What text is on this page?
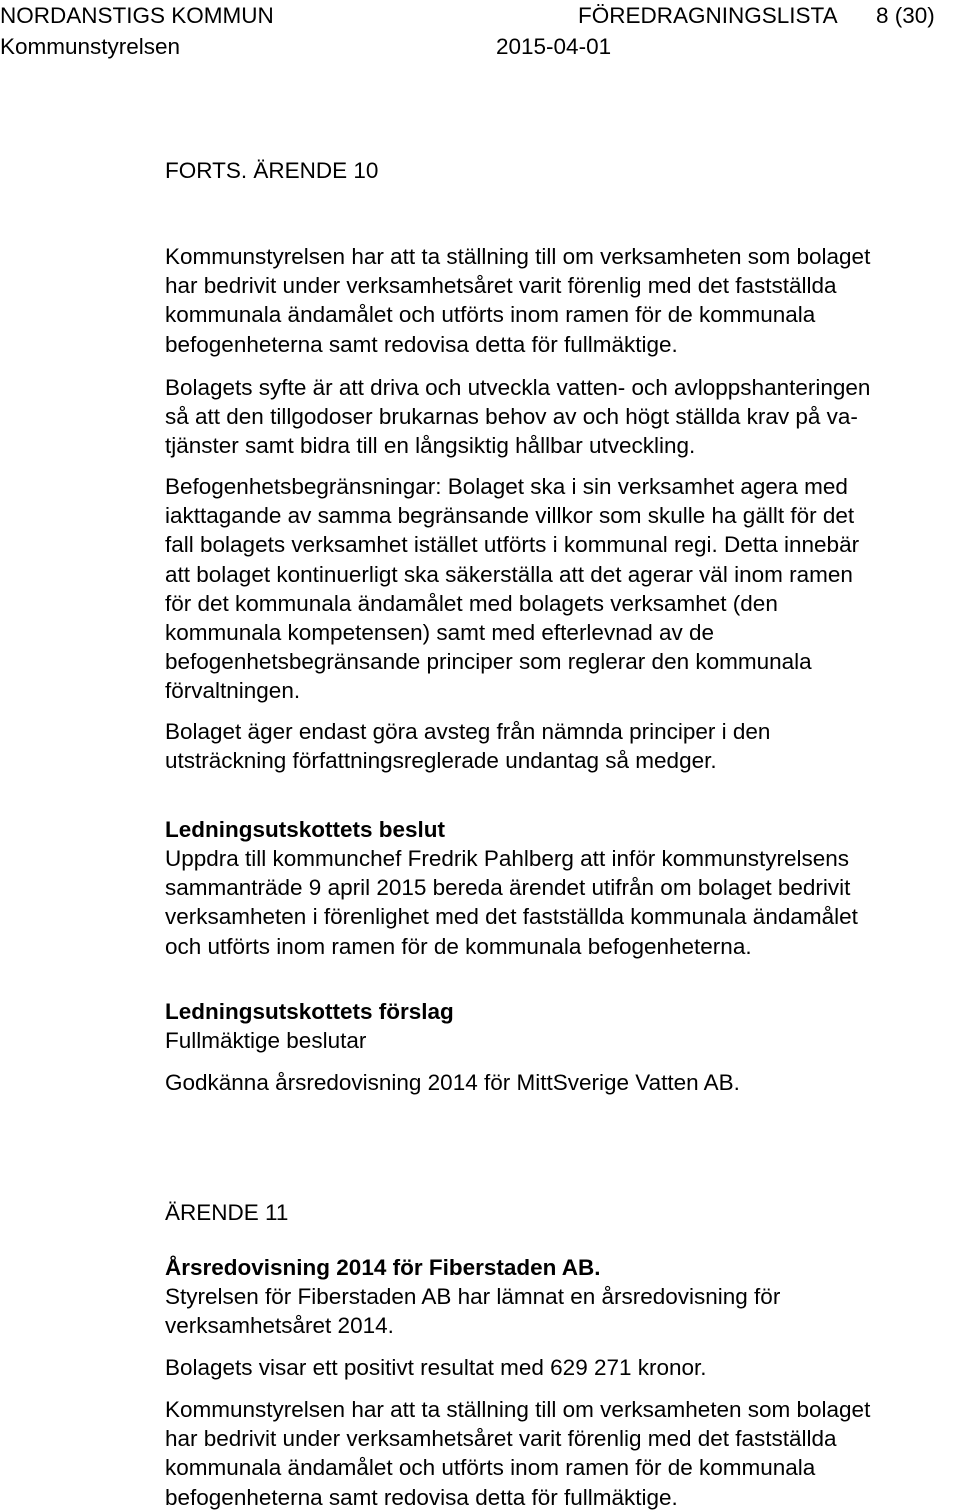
NORDANSTIGS KOMMUN	FÖREDRAGNINGSLISTA 8 (30)
Kommunstyrelsen	2015-04-01
FORTS. ÄRENDE 10
Kommunstyrelsen har att ta ställning till om verksamheten som bolaget
har bedrivit under verksamhetsåret varit förenlig med det fastställda
kommunala ändamålet och utförts inom ramen för de kommunala
befogenheterna samt redovisa detta för fullmäktige.
Bolagets syfte är att driva och utveckla vatten- och avloppshanteringen
så att den tillgodoser brukarnas behov av och högt ställda krav på va-
tjänster samt bidra till en långsiktig hållbar utveckling.
Befogenhetsbegränsningar: Bolaget ska i sin verksamhet agera med
iakttagande av samma begränsande villkor som skulle ha gällt för det
fall bolagets verksamhet istället utförts i kommunal regi. Detta innebär
att bolaget kontinuerligt ska säkerställa att det agerar väl inom ramen
för det kommunala ändamålet med bolagets verksamhet (den
kommunala kompetensen) samt med efterlevnad av de
befogenhetsbegränsande principer som reglerar den kommunala
förvaltningen.
Bolaget äger endast göra avsteg från nämnda principer i den
utsträckning författningsreglerade undantag så medger.
Ledningsutskottets beslut
Uppdra till kommunchef Fredrik Pahlberg att inför kommunstyrelsens
sammanträde 9 april 2015 bereda ärendet utifrån om bolaget bedrivit
verksamheten i förenlighet med det fastställda kommunala ändamålet
och utförts inom ramen för de kommunala befogenheterna.
Ledningsutskottets förslag
Fullmäktige beslutar
Godkänna årsredovisning 2014 för MittSverige Vatten AB.
ÄRENDE 11
Årsredovisning 2014 för Fiberstaden AB.
Styrelsen för Fiberstaden AB har lämnat en årsredovisning för
verksamhetsåret 2014.
Bolagets visar ett positivt resultat med 629 271 kronor.
Kommunstyrelsen har att ta ställning till om verksamheten som bolaget
har bedrivit under verksamhetsåret varit förenlig med det fastställda
kommunala ändamålet och utförts inom ramen för de kommunala
befogenheterna samt redovisa detta för fullmäktige.
